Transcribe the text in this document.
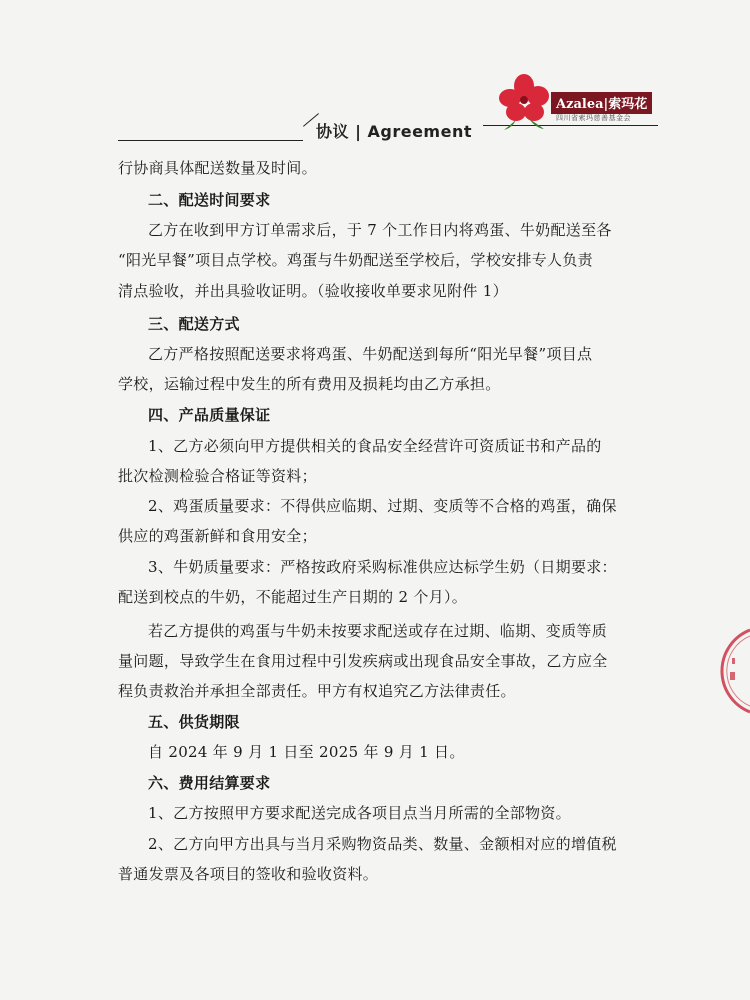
协议 | Agreement
Azalea|索玛花
四川省索玛慈善基金会
行协商具体配送数量及时间。
二、配送时间要求
乙方在收到甲方订单需求后，于 7 个工作日内将鸡蛋、牛奶配送至各
“阳光早餐”项目点学校。鸡蛋与牛奶配送至学校后，学校安排专人负责
清点验收，并出具验收证明。（验收接收单要求见附件 1）
三、配送方式
乙方严格按照配送要求将鸡蛋、牛奶配送到每所“阳光早餐”项目点
学校，运输过程中发生的所有费用及损耗均由乙方承担。
四、产品质量保证
1、乙方必须向甲方提供相关的食品安全经营许可资质证书和产品的
批次检测检验合格证等资料；
2、鸡蛋质量要求：不得供应临期、过期、变质等不合格的鸡蛋，确保
供应的鸡蛋新鲜和食用安全；
3、牛奶质量要求：严格按政府采购标准供应达标学生奶（日期要求：
配送到校点的牛奶，不能超过生产日期的 2 个月）。
若乙方提供的鸡蛋与牛奶未按要求配送或存在过期、临期、变质等质
量问题，导致学生在食用过程中引发疾病或出现食品安全事故，乙方应全
程负责救治并承担全部责任。甲方有权追究乙方法律责任。
五、供货期限
自 2024 年 9 月 1 日至 2025 年 9 月 1 日。
六、费用结算要求
1、乙方按照甲方要求配送完成各项目点当月所需的全部物资。
2、乙方向甲方出具与当月采购物资品类、数量、金额相对应的增值税
普通发票及各项目的签收和验收资料。
